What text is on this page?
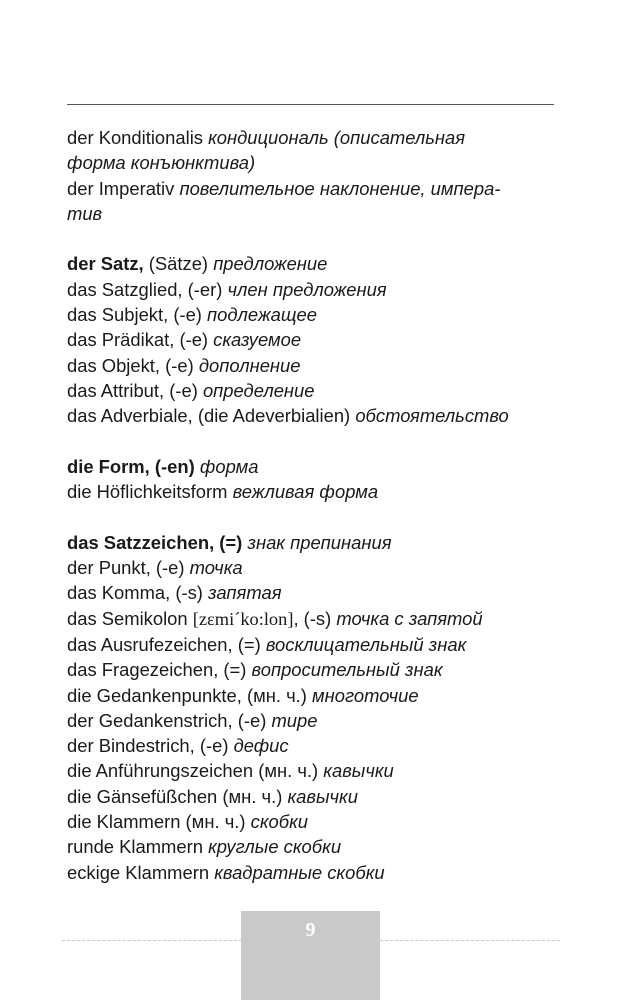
der Konditionalis кондициональ (описательная
форма конъюнктива)
der Imperativ повелительное наклонение, импера-
тив
der Satz, (Sätze) предложение
das Satzglied, (-er) член предложения
das Subjekt, (-e) подлежащее
das Prädikat, (-e) сказуемое
das Objekt, (-e) дополнение
das Attribut, (-e) определение
das Adverbiale, (die Adeverbialien) обстоятельство
die Form, (-en) форма
die Höflichkeitsform вежливая форма
das Satzzeichen, (=) знак препинания
der Punkt, (-e) точка
das Komma, (-s) запятая
das Semikolon [zεmi´ko:lon], (-s) точка с запятой
das Ausrufezeichen, (=) восклицательный знак
das Fragezeichen, (=) вопросительный знак
die Gedankenpunkte, (мн. ч.) многоточие
der Gedankenstrich, (-e) тире
der Bindestrich, (-e) дефис
die Anführungszeichen (мн. ч.) кавычки
die Gänsefüßchen (мн. ч.) кавычки
die Klammern (мн. ч.) скобки
runde Klammern круглые скобки
eckige Klammern квадратные скобки
9
